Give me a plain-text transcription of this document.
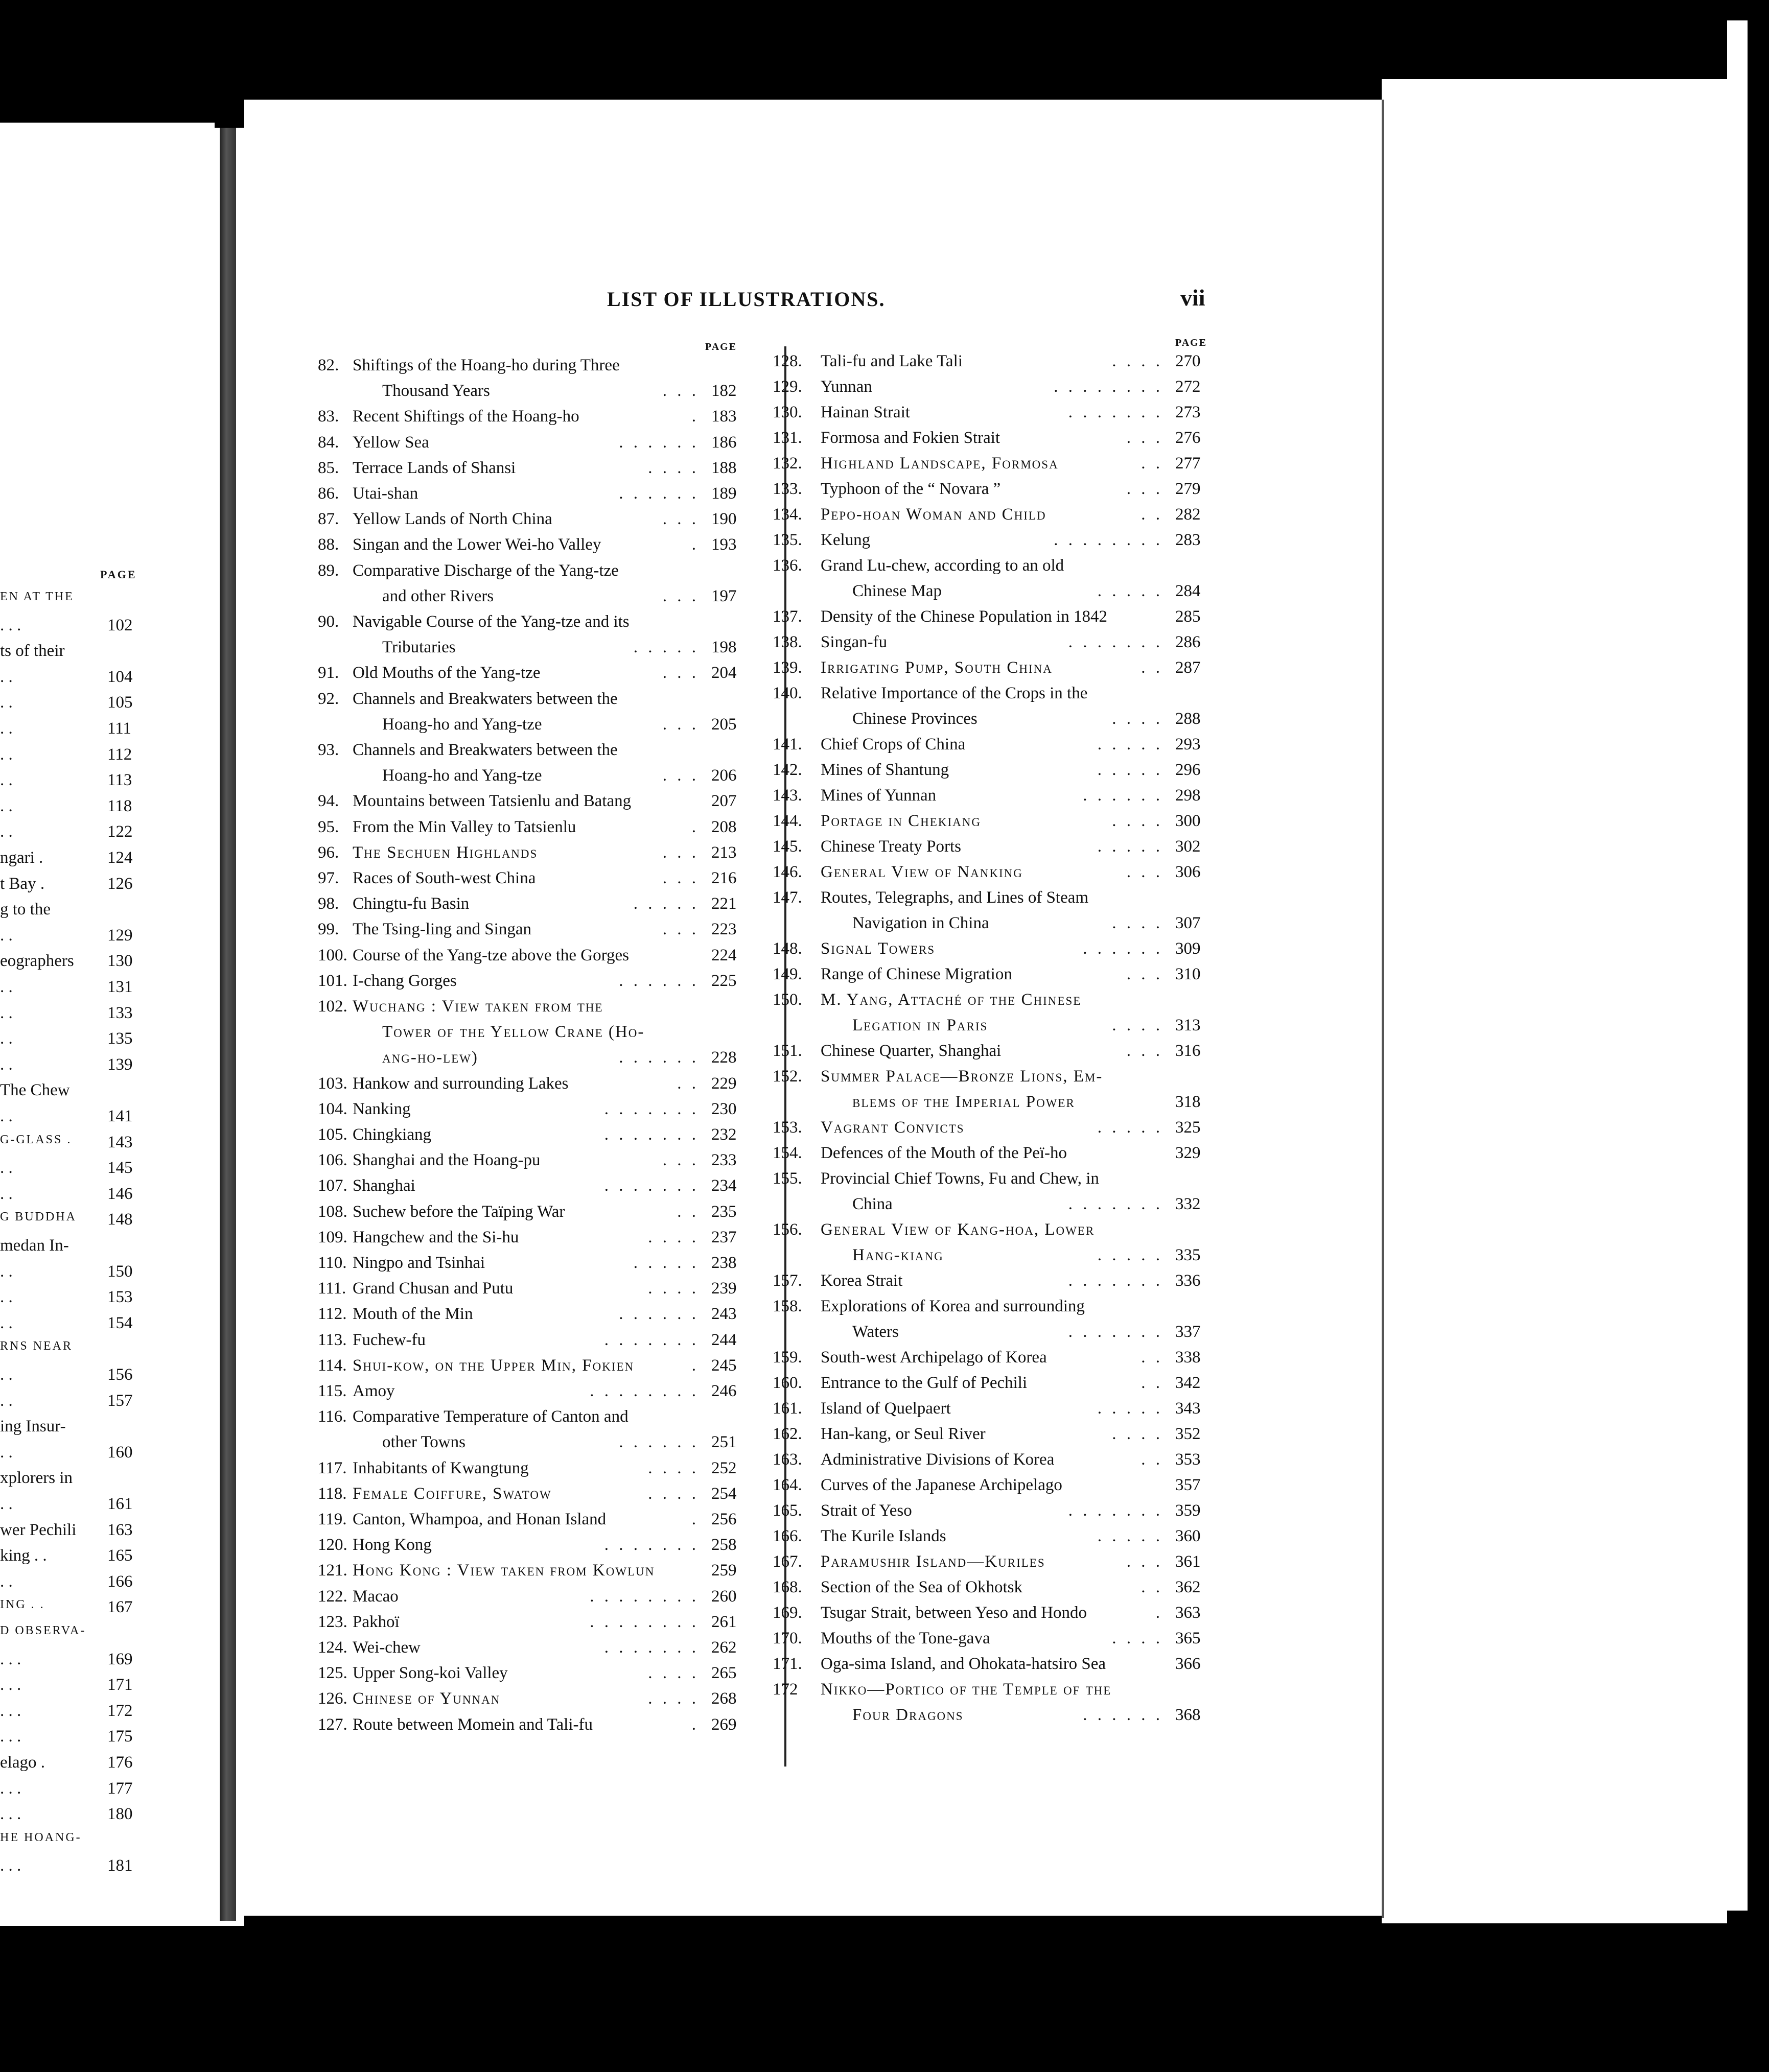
PAGE
EN AT THE
. . .	102
ts of their
. .	104
. .	105
. .	111
. .	112
. .	113
. .	118
. .	122
ngari .	124
t Bay .	126
g to the
. .	129
eographers 130
. .	131
. .	133
. .	135
. .	139
The Chew
. .	141
G-GLASS . 143
. .	145
. .	146
G BUDDHA 148
medan In-
. .	150
. .	153
. .	154
RNS NEAR
. .	156
. .	157
ing Insur-
. .	160
xplorers in
. .	161
wer Pechili 163
king . .	165
. .	166
ING . .	167
D OBSERVA-
. . .	169
. . .	171
. . .	172
. . .	175
elago .	176
. . .	177
. . .	180
HE HOANG-
. . .	181
LIST OF ILLUSTRATIONS.	vii
PAGE	PAGE
82. Shiftings of the Hoang-ho during Three
Thousand Years	. . . 182
83. Recent Shiftings of the Hoang-ho	. 183
84. Yellow Sea	. . . . . . 186
85. Terrace Lands of Shansi	. . . . 188
86. Utai-shan	. . . . . . 189
87. Yellow Lands of North China	. . . 190
88. Singan and the Lower Wei-ho Valley	. 193
89. Comparative Discharge of the Yang-tze
and other Rivers	. . . 197
90. Navigable Course of the Yang-tze and its
Tributaries	. . . . . 198
91. Old Mouths of the Yang-tze	. . . 204
92. Channels and Breakwaters between the
Hoang-ho and Yang-tze	. . . 205
93. Channels and Breakwaters between the
Hoang-ho and Yang-tze	. . . 206
94. Mountains between Tatsienlu and Batang	207
95. From the Min Valley to Tatsienlu	. 208
96. The Sechuen Highlands	. . . 213
97. Races of South-west China	. . . 216
98. Chingtu-fu Basin	. . . . . 221
99. The Tsing-ling and Singan	. . . 223
100. Course of the Yang-tze above the Gorges	224
101. I-chang Gorges	. . . . . . 225
102. Wuchang : View taken from the
Tower of the Yellow Crane (Ho-
ang-ho-lew)	. . . . . . 228
103. Hankow and surrounding Lakes	. . 229
104. Nanking	. . . . . . . 230
105. Chingkiang	. . . . . . . 232
106. Shanghai and the Hoang-pu	. . . 233
107. Shanghai	. . . . . . . 234
108. Suchew before the Taïping War	. . 235
109. Hangchew and the Si-hu	. . . . 237
110. Ningpo and Tsinhai	. . . . . 238
111. Grand Chusan and Putu	. . . . 239
112. Mouth of the Min	. . . . . . 243
113. Fuchew-fu	. . . . . . . 244
114. Shui-kow, on the Upper Min, Fokien	. 245
115. Amoy	. . . . . . . . 246
116. Comparative Temperature of Canton and
other Towns	. . . . . . 251
117. Inhabitants of Kwangtung	. . . . 252
118. Female Coiffure, Swatow	. . . . 254
119. Canton, Whampoa, and Honan Island	. 256
120. Hong Kong	. . . . . . . 258
121. Hong Kong : View taken from Kowlun	259
122. Macao	. . . . . . . . 260
123. Pakhoï	. . . . . . . . 261
124. Wei-chew	. . . . . . . 262
125. Upper Song-koi Valley	. . . . 265
126. Chinese of Yunnan	. . . . 268
127. Route between Momein and Tali-fu	. 269
128. Tali-fu and Lake Tali	. . . . 270
129. Yunnan	. . . . . . . . 272
130. Hainan Strait	. . . . . . . 273
131. Formosa and Fokien Strait	. . . 276
132. Highland Landscape, Formosa	. . 277
133. Typhoon of the “ Novara ”	. . . 279
134. Pepo-hoan Woman and Child	. . 282
135. Kelung	. . . . . . . . 283
136. Grand Lu-chew, according to an old
Chinese Map	. . . . . 284
137. Density of the Chinese Population in 1842	285
138. Singan-fu	. . . . . . . 286
139. Irrigating Pump, South China	. . 287
140. Relative Importance of the Crops in the
Chinese Provinces	. . . . 288
141. Chief Crops of China	. . . . . 293
142. Mines of Shantung	. . . . . 296
143. Mines of Yunnan	. . . . . . 298
144. Portage in Chekiang	. . . . 300
145. Chinese Treaty Ports	. . . . . 302
146. General View of Nanking	. . . 306
147. Routes, Telegraphs, and Lines of Steam
Navigation in China	. . . . 307
148. Signal Towers	. . . . . . 309
149. Range of Chinese Migration	. . . 310
150. M. Yang, Attaché of the Chinese
Legation in Paris	. . . . 313
151. Chinese Quarter, Shanghai	. . . 316
152. Summer Palace—Bronze Lions, Em-
blems of the Imperial Power	318
153. Vagrant Convicts	. . . . . 325
154. Defences of the Mouth of the Peï-ho	329
155. Provincial Chief Towns, Fu and Chew, in
China	. . . . . . . 332
156. General View of Kang-hoa, Lower
Hang-kiang	. . . . . 335
157. Korea Strait	. . . . . . . 336
158. Explorations of Korea and surrounding
Waters	. . . . . . . 337
159. South-west Archipelago of Korea	. . 338
160. Entrance to the Gulf of Pechili	. . 342
161. Island of Quelpaert	. . . . . 343
162. Han-kang, or Seul River	. . . . 352
163. Administrative Divisions of Korea	. . 353
164. Curves of the Japanese Archipelago	357
165. Strait of Yeso	. . . . . . . 359
166. The Kurile Islands	. . . . . 360
167. Paramushir Island—Kuriles	. . . 361
168. Section of the Sea of Okhotsk	. . 362
169. Tsugar Strait, between Yeso and Hondo	. 363
170. Mouths of the Tone-gava	. . . . 365
171. Oga-sima Island, and Ohokata-hatsiro Sea	366
172 Nikko—Portico of the Temple of the
Four Dragons	. . . . . . 368
